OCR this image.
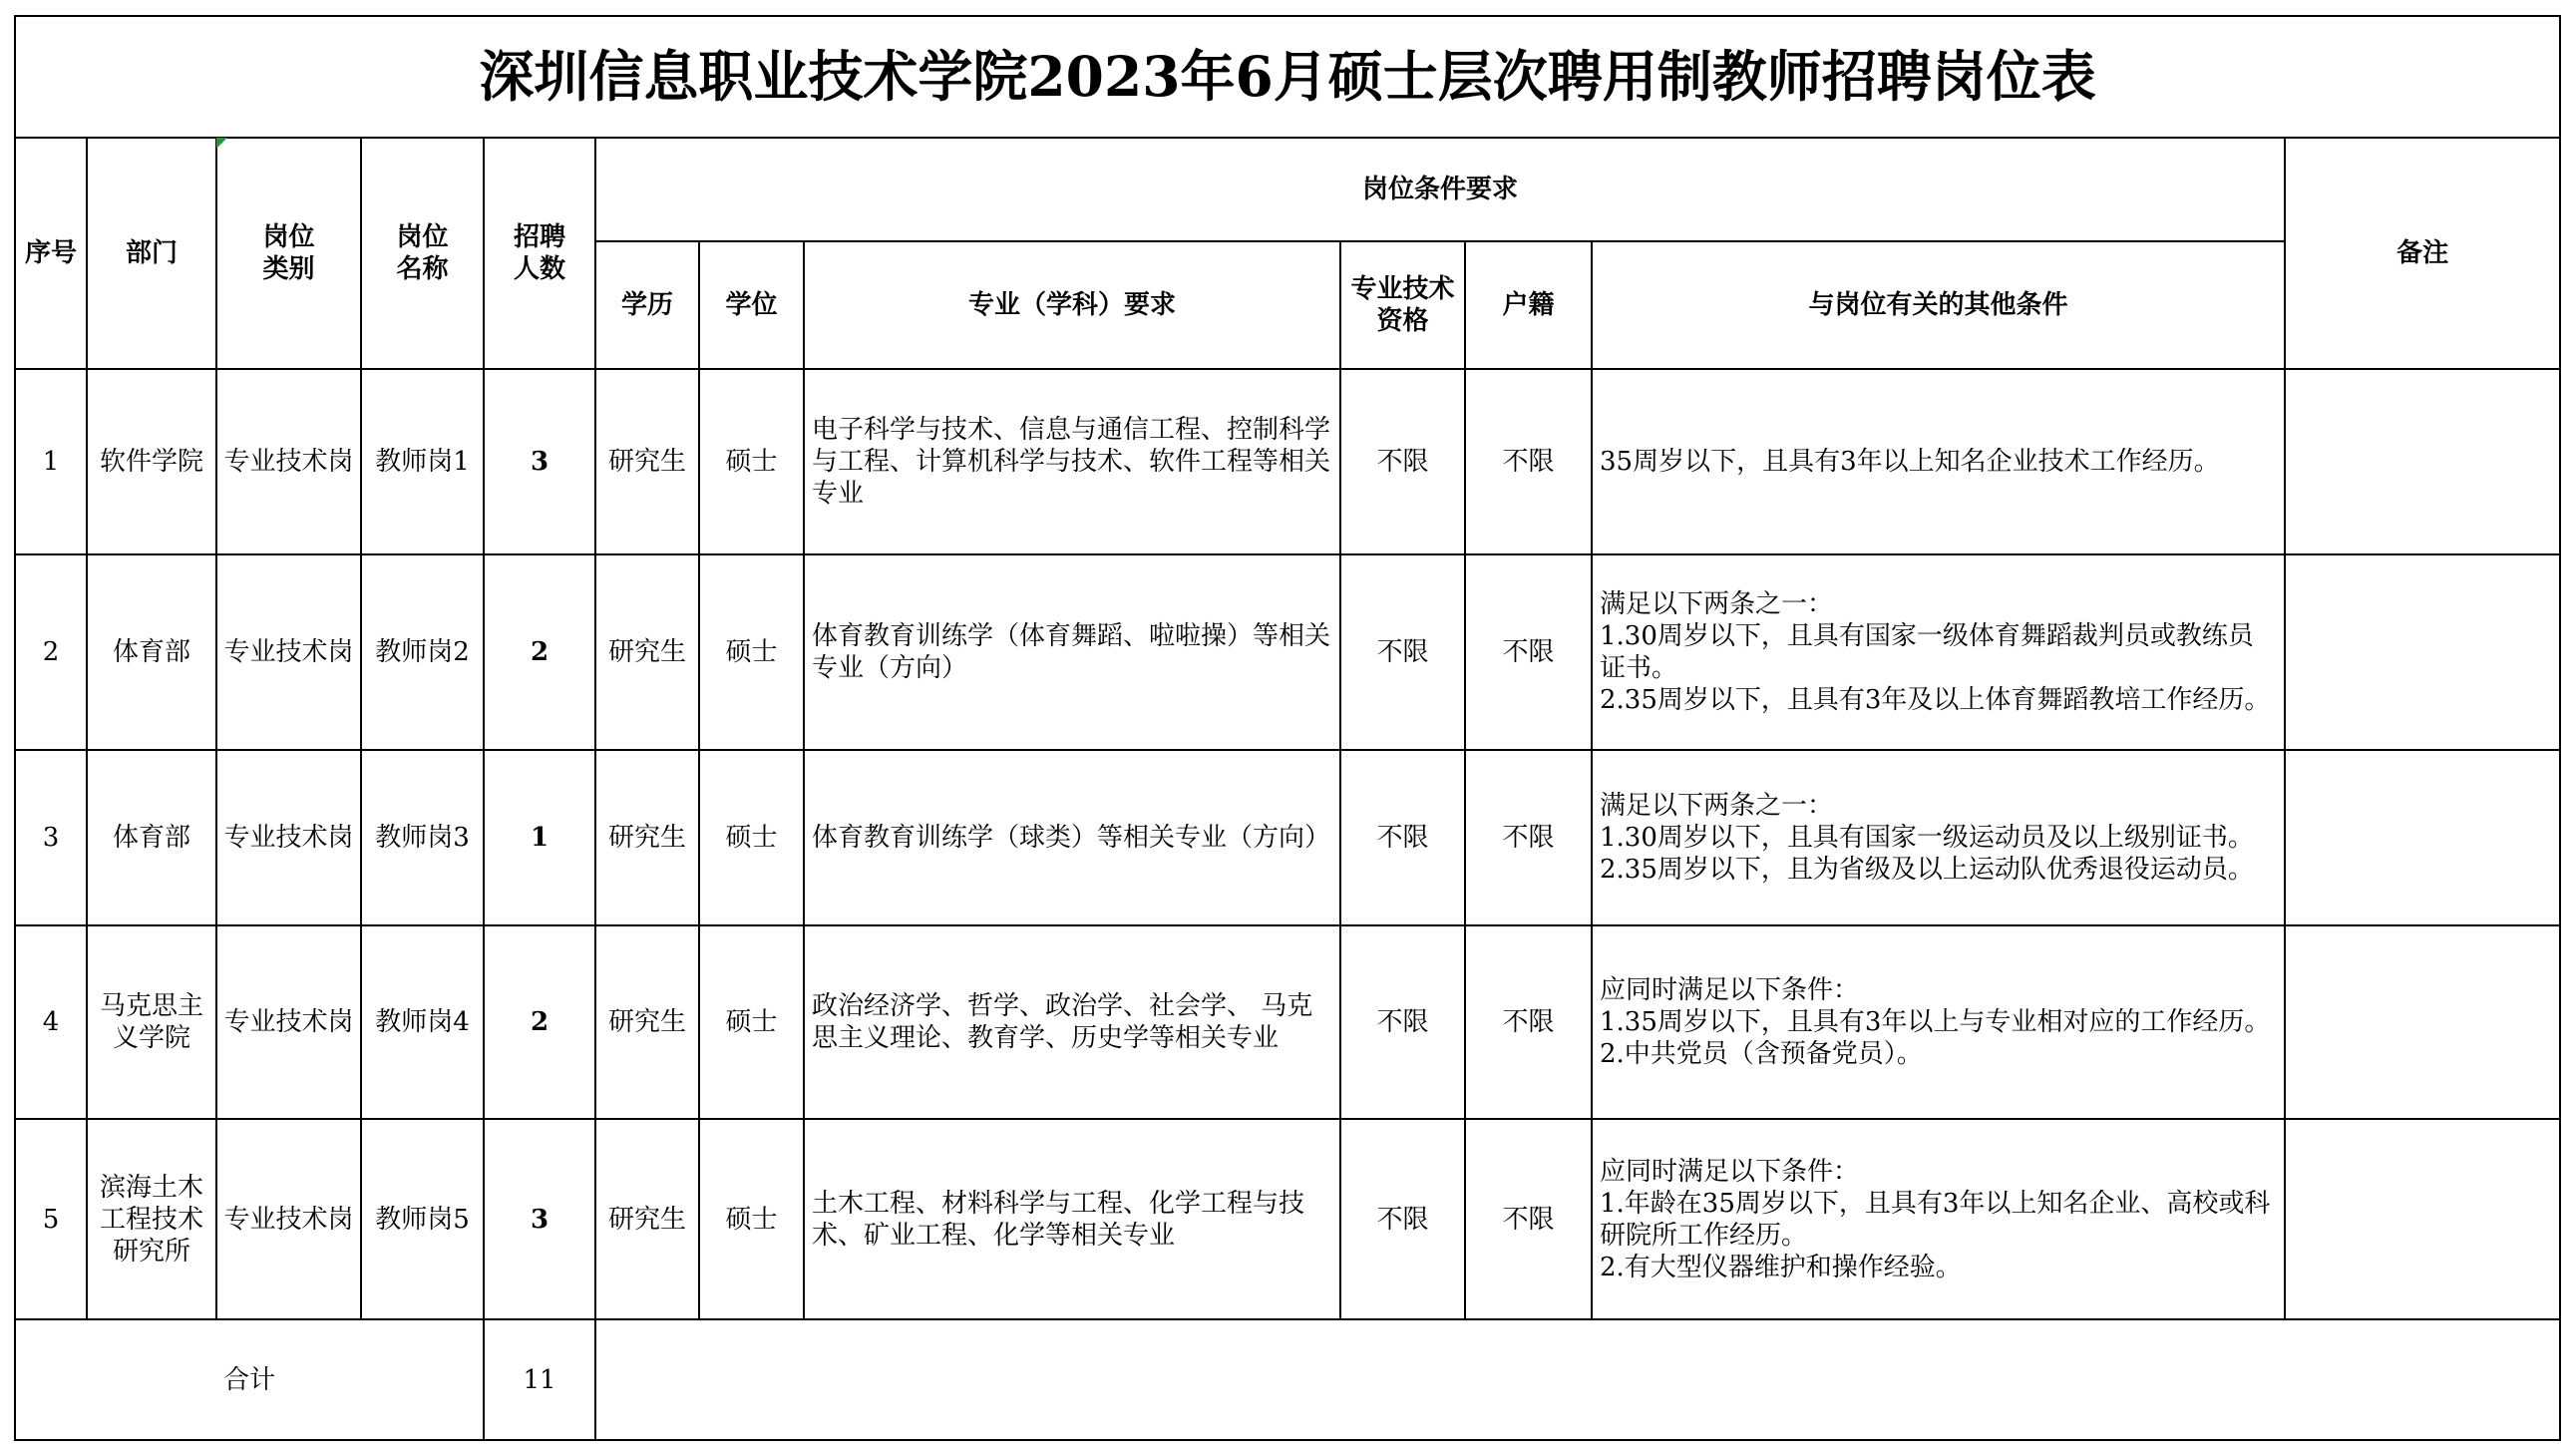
深圳信息职业技术学院2023年6月硕士层次聘用制教师招聘岗位表											
序号	部门	岗位类别	岗位名称	招聘人数	岗位条件要求						备注
					学历	学位	专业（学科）要求	专业技术资格	户籍	与岗位有关的其他条件	
1	软件学院	专业技术岗	教师岗1	3	研究生	硕士	电子科学与技术、信息与通信工程、控制科学与工程、计算机科学与技术、软件工程等相关专业	不限	不限	35周岁以下，且具有3年以上知名企业技术工作经历。	
2	体育部	专业技术岗	教师岗2	2	研究生	硕士	体育教育训练学（体育舞蹈、啦啦操）等相关专业（方向）	不限	不限	满足以下两条之一：
1.30周岁以下，且具有国家一级体育舞蹈裁判员或教练员证书。
2.35周岁以下，且具有3年及以上体育舞蹈教培工作经历。	
3	体育部	专业技术岗	教师岗3	1	研究生	硕士	体育教育训练学（球类）等相关专业（方向）	不限	不限	满足以下两条之一：
1.30周岁以下，且具有国家一级运动员及以上级别证书。
2.35周岁以下，且为省级及以上运动队优秀退役运动员。	
4	马克思主义学院	专业技术岗	教师岗4	2	研究生	硕士	政治经济学、哲学、政治学、社会学、 马克思主义理论、教育学、历史学等相关专业	不限	不限	应同时满足以下条件：
1.35周岁以下，且具有3年以上与专业相对应的工作经历。
2.中共党员（含预备党员）。	
5	滨海土木工程技术研究所	专业技术岗	教师岗5	3	研究生	硕士	土木工程、材料科学与工程、化学工程与技术、矿业工程、化学等相关专业	不限	不限	应同时满足以下条件：
1.年龄在35周岁以下，且具有3年以上知名企业、高校或科研院所工作经历。
2.有大型仪器维护和操作经验。	
合计				11							
